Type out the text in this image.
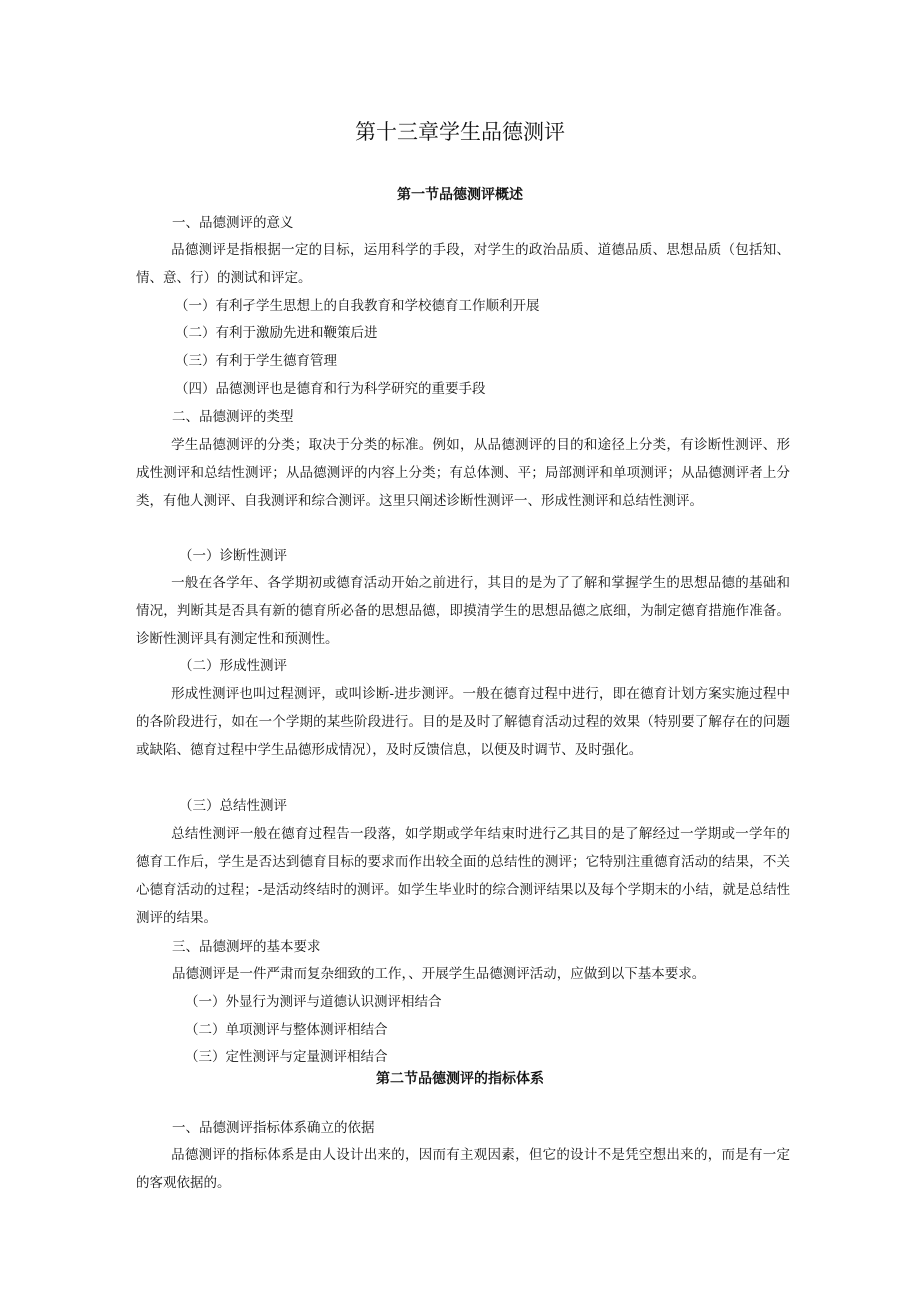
第十三章学生品德测评
第一节品德测评概述
一、品德测评的意义
品德测评是指根据一定的目标，运用科学的手段，对学生的政治品质、道德品质、思想品质（包括知、情、意、行）的测试和评定。
（一）有利孑学生思想上的自我教育和学校德育工作顺利开展
（二）有利于激励先进和鞭策后进
（三）有利于学生德育管理
（四）品德测评也是德育和行为科学研究的重要手段
二、品德测评的类型
学生品德测评的分类；取决于分类的标准。例如，从品德测评的目的和途径上分类，有诊断性测评、形成性测评和总结性测评；从品德测评的内容上分类；有总体测、平；局部测评和单项测评；从品德测评者上分类，有他人测评、自我测评和综合测评。这里只阐述诊断性测评一、形成性测评和总结性测评。
（一）诊断性测评
一般在各学年、各学期初或德育活动开始之前进行，其目的是为了了解和掌握学生的思想品德的基础和情况，判断其是否具有新的德育所必备的思想品德，即摸清学生的思想品德之底细，为制定德育措施作准备。诊断性测评具有测定性和预测性。
（二）形成性测评
形成性测评也叫过程测评，或叫诊断-进步测评。一般在德育过程中进行，即在德育计划方案实施过程中的各阶段进行，如在一个学期的某些阶段进行。目的是及时了解德育活动过程的效果（特别要了解存在的问题或缺陷、德育过程中学生品德形成情况），及时反馈信息，以便及时调节、及时强化。
（三）总结性测评
总结性测评一般在德育过程告一段落，如学期或学年结束时进行乙其目的是了解经过一学期或一学年的德育工作后，学生是否达到德育目标的要求而作出较全面的总结性的测评；它特别注重德育活动的结果，不关心德育活动的过程；-是活动终结时的测评。如学生毕业时的综合测评结果以及每个学期末的小结，就是总结性测评的结果。
三、品德测坪的基本要求
品德测评是一件严肃而复杂细致的工作，、开展学生品德测评活动，应做到以下基本要求。
（一）外显行为测评与道德认识测评相结合
（二）单项测评与整体测评相结合
（三）定性测评与定量测评相结合
第二节品德测评的指标体系
一、品德测评指标体系确立的依据
品德测评的指标体系是由人设计出来的，因而有主观因素，但它的设计不是凭空想出来的，而是有一定的客观依据的。
